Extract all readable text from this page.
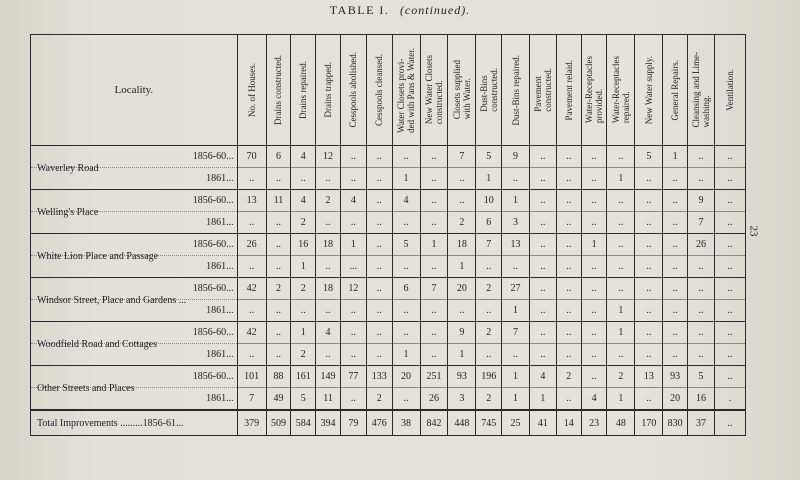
TABLE I. (continued).
23
Locality.	No. of Houses.	Drains constructed.	Drains repaired.	Drains trapped.	Cesspools abolished.	Cesspools cleansed.	Water Closets provi-
ded with Pans & Water.	New Water Closets
constructed.	Closets supplied
with Water.	Dust-Bins
constructed.	Dust-Bins repaired.	Pavement
constructed.	Pavement relaid.	Water-Receptacles
provided.	Water-Receptacles
repaired.	New Water supply.	General Repairs.	Cleansing and Lime-
washing.	Ventilation.

Waverley Road
1856-60...	70	6	4	12	..	..	..	..	7	5	9	..	..	..	..	5	1	..	..
1861...	..	..	..	..	..	..	1	..	..	1	..	..	..	..	1	..	..	..	..

Welling's Place
1856-60...	13	11	4	2	4	..	4	..	..	10	1	..	..	..	..	..	..	9	..
1861...	..	..	2	..	..	..	..	..	2	6	3	..	..	..	..	..	..	7	..

White Lion Place and Passage
1856-60...	26	..	16	18	1	..	5	1	18	7	13	..	..	1	..	..	..	26	..
1861...	..	..	1	..	...	..	..	..	1	..	..	..	..	..	..	..	..	..	..

Windsor Street, Place and Gardens ...
1856-60...	42	2	2	18	12	..	6	7	20	2	27	..	..	..	..	..	..	..	..
1861...	..	..	..	..	..	..	..	..	..	..	1	..	..	..	1	..	..	..	..

Woodfield Road and Cottages
1856-60...	42	..	1	4	..	..	..	..	9	2	7	..	..	..	1	..	..	..	..
1861...	..	..	2	..	..	..	1	..	1	..	..	..	..	..	..	..	..	..	..

Other Streets and Places
1856-60...	101	88	161	149	77	133	20	251	93	196	1	4	2	..	2	13	93	5	..
1861...	7	49	5	11	..	2	..	26	3	2	1	1	..	4	1	..	20	16	.
Total Improvements .........1856-61...	379	509	584	394	79	476	38	842	448	745	25	41	14	23	48	170	830	37	..
